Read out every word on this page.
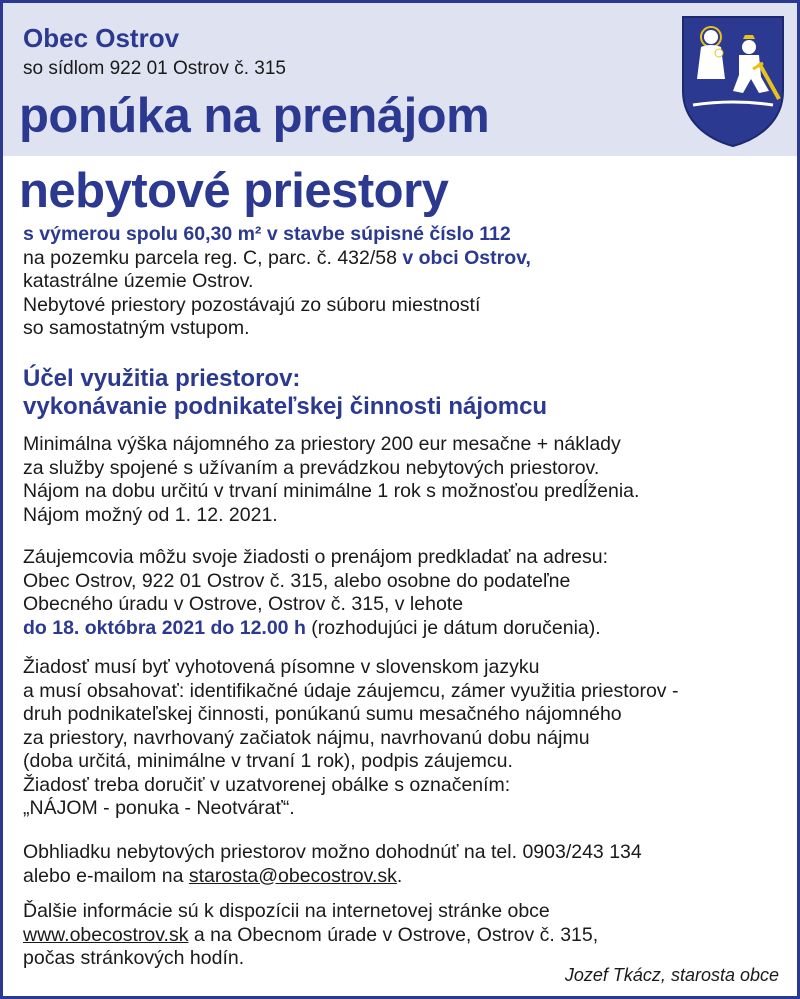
Obec Ostrov
so sídlom 922 01 Ostrov č. 315
ponúka na prenájom
nebytové priestory
s výmerou spolu 60,30 m² v stavbe súpisné číslo 112
na pozemku parcela reg. C, parc. č. 432/58 v obci Ostrov,
katastrálne územie Ostrov.
Nebytové priestory pozostávajú zo súboru miestností
so samostatným vstupom.
Účel využitia priestorov:
vykonávanie podnikateľskej činnosti nájomcu
Minimálna výška nájomného za priestory 200 eur mesačne + náklady
za služby spojené s užívaním a prevádzkou nebytových priestorov.
Nájom na dobu určitú v trvaní minimálne 1 rok s možnosťou predĺženia.
Nájom možný od 1. 12. 2021.
Záujemcovia môžu svoje žiadosti o prenájom predkladať na adresu:
Obec Ostrov, 922 01 Ostrov č. 315, alebo osobne do podateľne
Obecného úradu v Ostrove, Ostrov č. 315, v lehote
do 18. októbra 2021 do 12.00 h (rozhodujúci je dátum doručenia).
Žiadosť musí byť vyhotovená písomne v slovenskom jazyku
a musí obsahovať: identifikačné údaje záujemcu, zámer využitia priestorov -
druh podnikateľskej činnosti, ponúkanú sumu mesačného nájomného
za priestory, navrhovaný začiatok nájmu, navrhovanú dobu nájmu
(doba určitá, minimálne v trvaní 1 rok), podpis záujemcu.
Žiadosť treba doručiť v uzatvorenej obálke s označením:
„NÁJOM - ponuka - Neotvárať“.
Obhliadku nebytových priestorov možno dohodnúť na tel. 0903/243 134
alebo e-mailom na starosta@obecostrov.sk.
Ďalšie informácie sú k dispozícii na internetovej stránke obce
www.obecostrov.sk a na Obecnom úrade v Ostrove, Ostrov č. 315,
počas stránkových hodín.
Jozef Tkácz, starosta obce
